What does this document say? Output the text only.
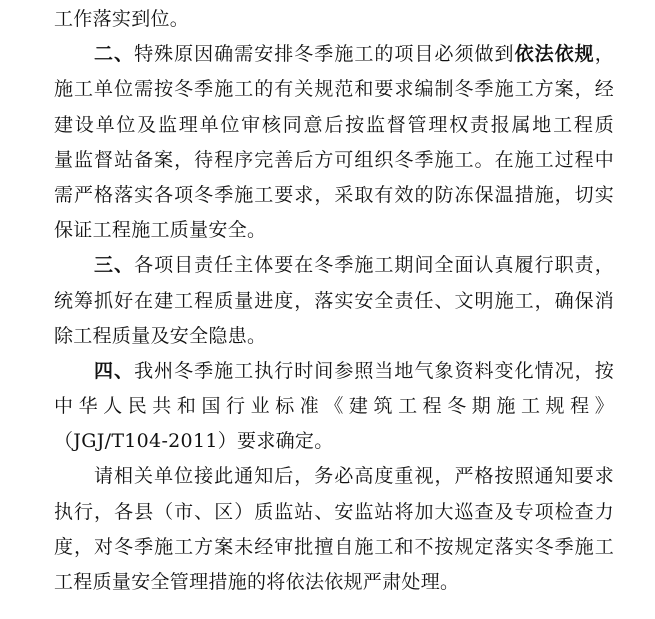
工作落实到位。
二、特殊原因确需安排冬季施工的项目必须做到依法依规，
施工单位需按冬季施工的有关规范和要求编制冬季施工方案，经
建设单位及监理单位审核同意后按监督管理权责报属地工程质
量监督站备案，待程序完善后方可组织冬季施工。在施工过程中
需严格落实各项冬季施工要求，采取有效的防冻保温措施，切实
保证工程施工质量安全。
三、各项目责任主体要在冬季施工期间全面认真履行职责，
统筹抓好在建工程质量进度，落实安全责任、文明施工，确保消
除工程质量及安全隐患。
四、我州冬季施工执行时间参照当地气象资料变化情况，按
中华人民共和国行业标准《建筑工程冬期施工规程》
（JGJ/T104-2011）要求确定。
请相关单位接此通知后，务必高度重视，严格按照通知要求
执行，各县（市、区）质监站、安监站将加大巡查及专项检查力
度，对冬季施工方案未经审批擅自施工和不按规定落实冬季施工
工程质量安全管理措施的将依法依规严肃处理。
